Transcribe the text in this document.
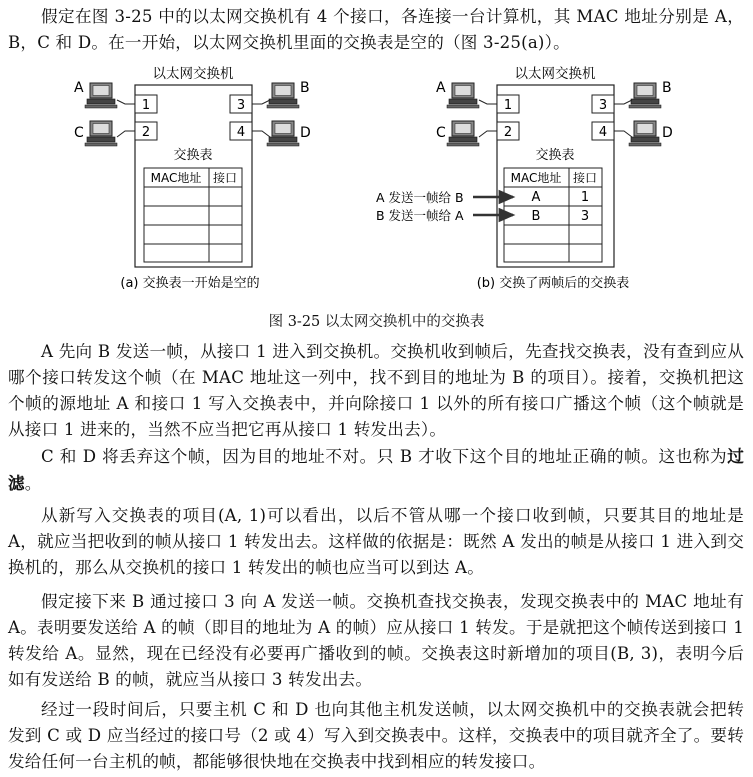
假定在图 3-25 中的以太网交换机有 4 个接口，各连接一台计算机，其 MAC 地址分别是 A，B，C 和 D。在一开始，以太网交换机里面的交换表是空的（图 3-25(a)）。

以太网交换机
1
2
3
4
A
C
B
D
交换表
MAC地址 接口
(a) 交换表一开始是空的
以太网交换机
1
2
3
4
A
C
B
D
交换表
MAC地址 接口
A	1
B	3
A 发送一帧给 B
B 发送一帧给 A
(b) 交换了两帧后的交换表
图 3-25 以太网交换机中的交换表

A 先向 B 发送一帧，从接口 1 进入到交换机。交换机收到帧后，先查找交换表，没有查到应从哪个接口转发这个帧（在 MAC 地址这一列中，找不到目的地址为 B 的项目）。接着，交换机把这个帧的源地址 A 和接口 1 写入交换表中，并向除接口 1 以外的所有接口广播这个帧（这个帧就是从接口 1 进来的，当然不应当把它再从接口 1 转发出去）。

C 和 D 将丢弃这个帧，因为目的地址不对。只 B 才收下这个目的地址正确的帧。这也称为过滤。

从新写入交换表的项目(A, 1)可以看出，以后不管从哪一个接口收到帧，只要其目的地址是 A，就应当把收到的帧从接口 1 转发出去。这样做的依据是：既然 A 发出的帧是从接口 1 进入到交换机的，那么从交换机的接口 1 转发出的帧也应当可以到达 A。

假定接下来 B 通过接口 3 向 A 发送一帧。交换机查找交换表，发现交换表中的 MAC 地址有 A。表明要发送给 A 的帧（即目的地址为 A 的帧）应从接口 1 转发。于是就把这个帧传送到接口 1 转发给 A。显然，现在已经没有必要再广播收到的帧。交换表这时新增加的项目(B, 3)，表明今后如有发送给 B 的帧，就应当从接口 3 转发出去。

经过一段时间后，只要主机 C 和 D 也向其他主机发送帧，以太网交换机中的交换表就会把转发到 C 或 D 应当经过的接口号（2 或 4）写入到交换表中。这样，交换表中的项目就齐全了。要转发给任何一台主机的帧，都能够很快地在交换表中找到相应的转发接口。
